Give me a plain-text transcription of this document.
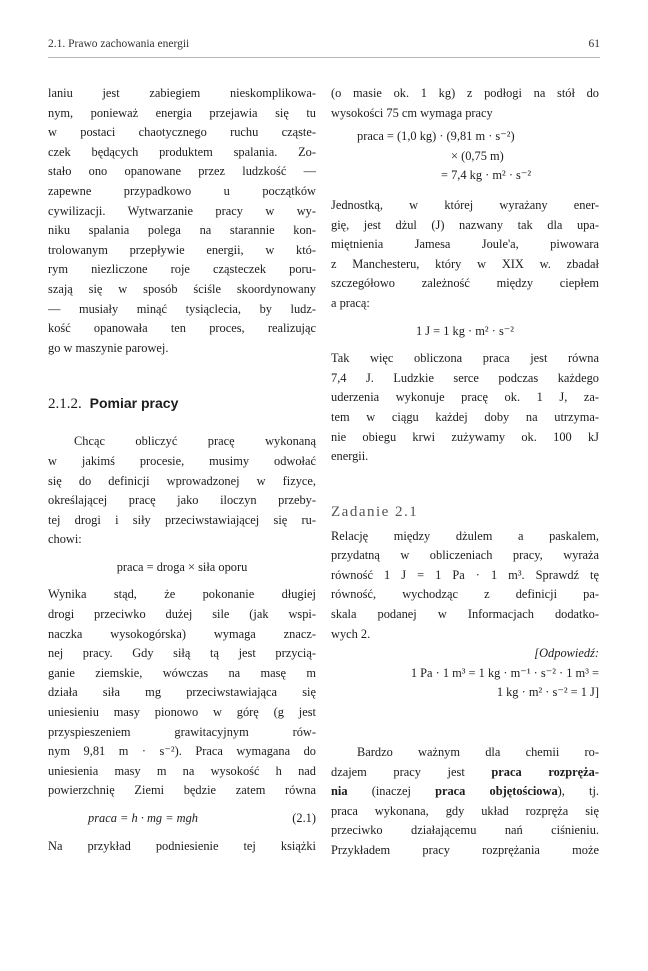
2.1. Prawo zachowania energii	61
laniu jest zabiegiem nieskomplikowa-
nym, ponieważ energia przejawia się tu
w postaci chaotycznego ruchu cząste-
czek będących produktem spalania. Zo-
stało ono opanowane przez ludzkość —
zapewne przypadkowo u początków
cywilizacji. Wytwarzanie pracy w wy-
niku spalania polega na starannie kon-
trolowanym przepływie energii, w któ-
rym niezliczone roje cząsteczek poru-
szają się w sposób ściśle skoordynowany
— musiały minąć tysiąclecia, by ludz-
kość opanowała ten proces, realizując
go w maszynie parowej.
2.1.2. Pomiar pracy
Chcąc obliczyć pracę wykonaną
w jakimś procesie, musimy odwołać
się do definicji wprowadzonej w fizyce,
określającej pracę jako iloczyn przeby-
tej drogi i siły przeciwstawiającej się ru-
chowi:
praca = droga × siła oporu
Wynika stąd, że pokonanie długiej
drogi przeciwko dużej sile (jak wspi-
naczka wysokogórska) wymaga znacz-
nej pracy. Gdy siłą tą jest przycią-
ganie ziemskie, wówczas na masę m
działa siła mg przeciwstawiająca się
uniesieniu masy pionowo w górę (g jest
przyspieszeniem grawitacyjnym rów-
nym 9,81 m · s⁻²). Praca wymagana do
uniesienia masy m na wysokość h nad
powierzchnię Ziemi będzie zatem równa
praca = h · mg = mgh	(2.1)
Na przykład podniesienie tej książki
(o masie ok. 1 kg) z podłogi na stół do
wysokości 75 cm wymaga pracy
praca = (1,0 kg) · (9,81 m · s⁻²)
× (0,75 m)
= 7,4 kg · m² · s⁻²
Jednostką, w której wyrażany ener-
gię, jest dżul (J) nazwany tak dla upa-
miętnienia Jamesa Joule'a, piwowara
z Manchesteru, który w XIX w. zbadał
szczegółowo zależność między ciepłem
a pracą:
1 J = 1 kg · m² · s⁻²
Tak więc obliczona praca jest równa
7,4 J. Ludzkie serce podczas każdego
uderzenia wykonuje pracę ok. 1 J, za-
tem w ciągu każdej doby na utrzyma-
nie obiegu krwi zużywamy ok. 100 kJ
energii.
Zadanie 2.1
Relację między dżulem a paskalem,
przydatną w obliczeniach pracy, wyraża
równość 1 J = 1 Pa · 1 m³. Sprawdź tę
równość, wychodząc z definicji pa-
skala podanej w Informacjach dodatko-
wych 2.
[Odpowiedź:
1 Pa · 1 m³ = 1 kg · m⁻¹ · s⁻² · 1 m³ =
1 kg · m² · s⁻² = 1 J]
Bardzo ważnym dla chemii ro-
dzajem pracy jest praca rozpręża-
nia (inaczej praca objętościowa), tj.
praca wykonana, gdy układ rozpręża się
przeciwko działającemu nań ciśnieniu.
Przykładem pracy rozprężania może
